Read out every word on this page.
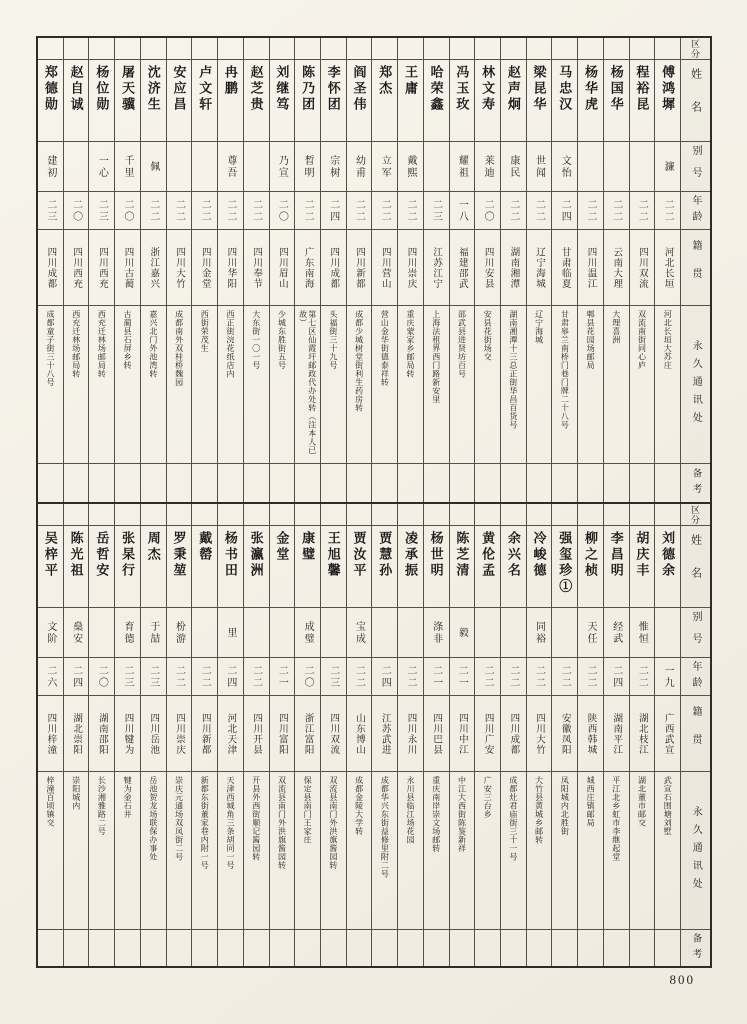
区分
姓名
别号
年龄
籍贯
永久通讯处
备考
傅鸿墀
濂
二二
河北长垣
河北长垣大苏庄
程裕昆
二二
四川双流
双流南街同心庐
杨国华
二二
云南大理
大理喜洲
杨华虎
二二
四川温江
郫县花园场邮局
马忠汉
文怡
二四
甘肃临夏
甘肃皋兰南桥门巷门牌二十八号
梁昆华
世闻
二二
辽宁海城
辽宁海城
赵声炯
康民
二二
湖南湘潭
湖南湘潭十三总正街华昌百货号
林文寿
莱迪
二〇
四川安县
安县花街场交
冯玉玫
耀祖
一八
福建邵武
邵武县进贤坊百号
哈荣鑫
二三
江苏江宁
上海法租界西门路新安里
王庸
戴熙
二二
四川崇庆
重庆蒙家乡邮局转
郑杰
立军
二二
四川营山
营山金华街德泰祥转
阎圣伟
幼甫
二二
四川新都
成都少城树堂街利生药房转
李怀团
宗树
二四
四川成都
头福街三十九号
陈乃团
晳明
二二
广东南海
第七区仙霞圩邮政代办处转（注本人已故）
刘继笃
乃宣
二〇
四川眉山
少城东胜街五号
赵芝贵
二二
四川奉节
大东街一〇一号
冉鹏
尊吾
二二
四川华阳
西正街浣花纸店内
卢文轩
二二
四川金堂
西街荣茂生
安应昌
二二
四川大竹
成都南外双桂桥魏园
沈济生
佩
二二
浙江嘉兴
嘉兴北门外池湾转
屠天骥
千里
二〇
四川古蔺
古蔺县石屏乡转
杨位勋
一心
二三
四川西充
西充迁林场邮局转
赵自诚
二〇
四川西充
西充迁林场邮局转
郑德勋
建初
二三
四川成都
成都童子街三十八号
区分
姓名
别号
年龄
籍贯
永久通讯处
备考
刘德余
一九
广西武宣
武宣石围塘刘墅
胡庆丰
惟恒
二二
湖北枝江
湖北董市邮交
李昌明
经武
二四
湖南平江
平江北乡虹市李继起堂
柳之桢
天任
二二
陕西韩城
城西庄镇邮局
强玺珍①
二二
安徽凤阳
凤阳城内北胜街
冷峻德
同裕
二二
四川大竹
大竹县黄城乡邮转
余兴名
二二
四川成都
成都灶君庙街三十一号
黄伦孟
二二
四川广安
广安三台乡
陈芝清
毅
二一
四川中江
中江大西街陈鉴新祥
杨世明
涤非
二一
四川巴县
重庆南岸崇文场邮转
凌承振
二二
四川永川
永川县临江场花园
贾慧孙
二四
江苏武进
成都华兴东街益修里附二号
贾汝平
宝成
二二
山东博山
成都金陵大学转
王旭馨
二三
四川双流
双流县南门外洪旗酱园转
康璧
成璧
二〇
浙江富阳
保定县南门王家庄
金堂
二一
四川富阳
双流县南门外洪旗酱园转
张瀛洲
二二
四川开县
开县外西街顺记酱园转
杨书田
里
二四
河北天津
天津西城角三条胡同一号
戴罃
二二
四川新都
新都东街董家巷内附一号
罗秉堃
枌游
二二
四川崇庆
崇庆元通场双凤街二号
周杰
于喆
二三
四川岳池
岳池贺龙场联保办事处
张杲行
育德
二三
四川犍为
犍为金石井
岳哲安
二〇
湖南邵阳
长沙湘雅路二号
陈光祖
燊安
二四
湖北崇阳
崇阳城内
吴梓平
文阶
二六
四川梓潼
梓潼百顷镇交
800
